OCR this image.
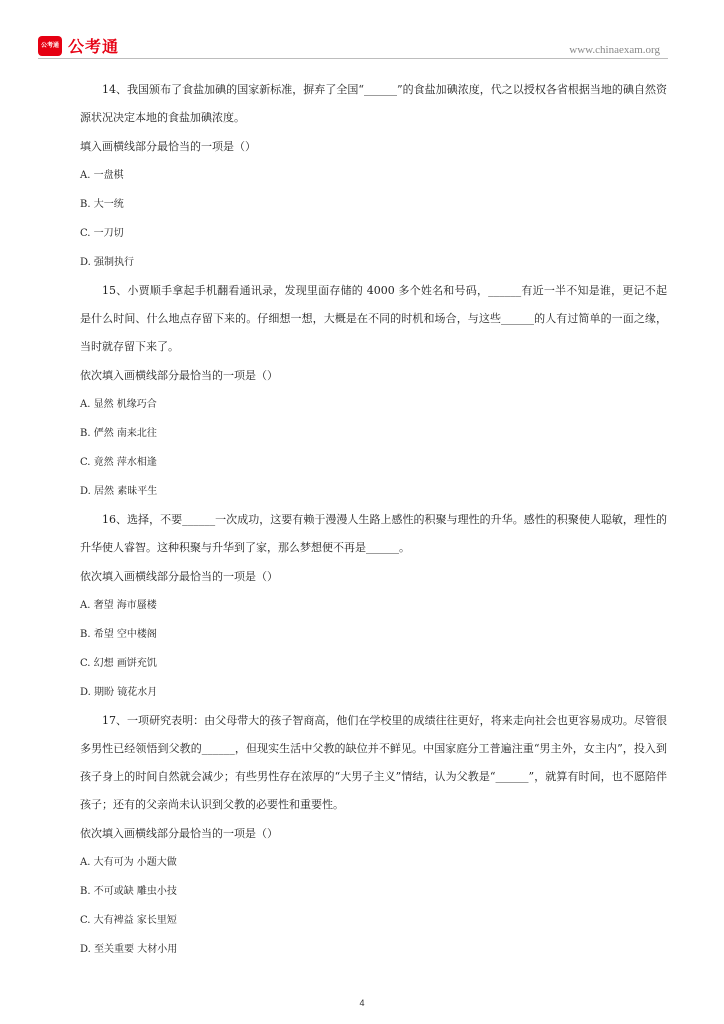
公考通 公考通	www.chinaexam.org

14、我国颁布了食盐加碘的国家新标准，摒弃了全国“______”的食盐加碘浓度，代之以授权各省根据当地的碘自然资源状况决定本地的食盐加碘浓度。

填入画横线部分最恰当的一项是（）

A. 一盘棋

B. 大一统

C. 一刀切

D. 强制执行

15、小贾顺手拿起手机翻看通讯录，发现里面存储的 4000 多个姓名和号码，______有近一半不知是谁，更记不起是什么时间、什么地点存留下来的。仔细想一想，大概是在不同的时机和场合，与这些______的人有过简单的一面之缘，当时就存留下来了。

依次填入画横线部分最恰当的一项是（）

A. 显然 机缘巧合

B. 俨然 南来北往

C. 竟然 萍水相逢

D. 居然 素昧平生

16、选择，不要______一次成功，这要有赖于漫漫人生路上感性的积聚与理性的升华。感性的积聚使人聪敏，理性的升华使人睿智。这种积聚与升华到了家，那么梦想便不再是______。

依次填入画横线部分最恰当的一项是（）

A. 奢望 海市蜃楼

B. 希望 空中楼阁

C. 幻想 画饼充饥

D. 期盼 镜花水月

17、一项研究表明：由父母带大的孩子智商高，他们在学校里的成绩往往更好，将来走向社会也更容易成功。尽管很多男性已经领悟到父教的______，但现实生活中父教的缺位并不鲜见。中国家庭分工普遍注重“男主外，女主内”，投入到孩子身上的时间自然就会减少；有些男性存在浓厚的“大男子主义”情结，认为父教是“______”，就算有时间，也不愿陪伴孩子；还有的父亲尚未认识到父教的必要性和重要性。

依次填入画横线部分最恰当的一项是（）

A. 大有可为 小题大做

B. 不可或缺 雕虫小技

C. 大有裨益 家长里短

D. 至关重要 大材小用

4
